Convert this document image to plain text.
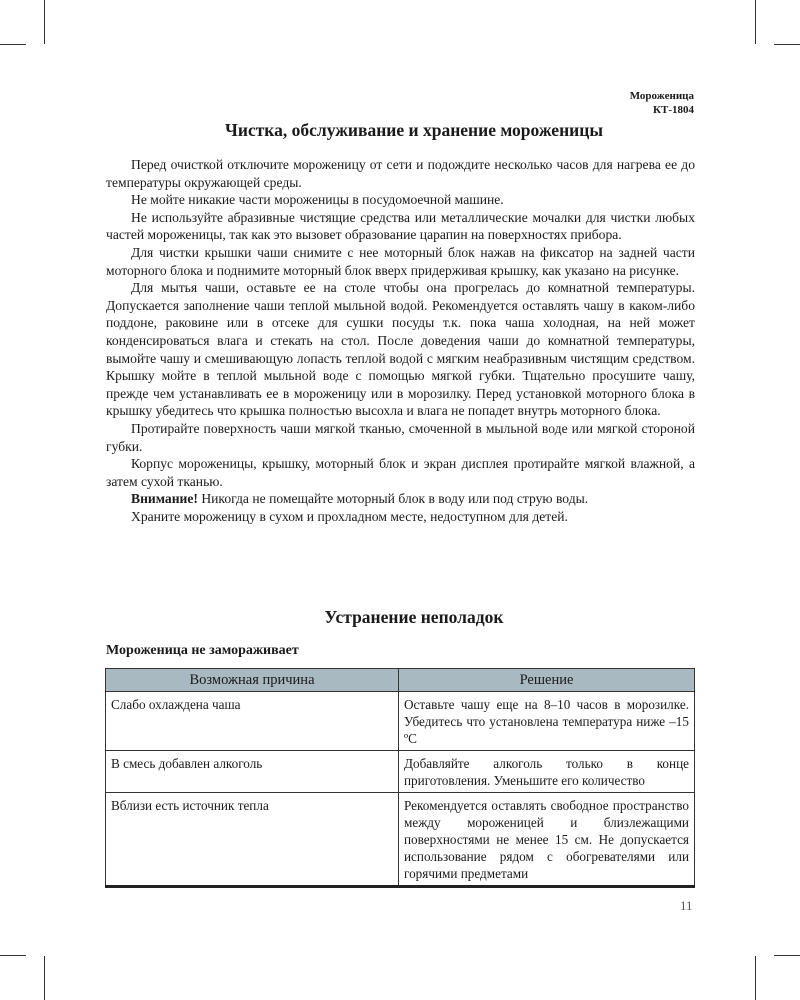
Мороженица
КТ-1804
Чистка, обслуживание и хранение мороженицы

Перед очисткой отключите мороженицу от сети и подождите несколько часов для нагрева ее до температуры окружающей среды.

Не мойте никакие части мороженицы в посудомоечной машине.

Не используйте абразивные чистящие средства или металлические мочалки для чистки любых частей мороженицы, так как это вызовет образование царапин на поверхностях прибора.

Для чистки крышки чаши снимите с нее моторный блок нажав на фиксатор на задней части моторного блока и поднимите моторный блок вверх придерживая крышку, как указано на рисунке.

Для мытья чаши, оставьте ее на столе чтобы она прогрелась до комнатной температуры. Допускается заполнение чаши теплой мыльной водой. Рекомендуется оставлять чашу в каком-либо поддоне, раковине или в отсеке для сушки посуды т.к. пока чаша холодная, на ней может конденсироваться влага и стекать на стол. После доведения чаши до комнатной температуры, вымойте чашу и смешивающую лопасть теплой водой с мягким неабразивным чистящим средством. Крышку мойте в теплой мыльной воде с помощью мягкой губки. Тщательно просушите чашу, прежде чем устанавливать ее в мороженицу или в морозилку. Перед установкой моторного блока в крышку убедитесь что крышка полностью высохла и влага не попадет внутрь моторного блока.

Протирайте поверхность чаши мягкой тканью, смоченной в мыльной воде или мягкой стороной губки.

Корпус мороженицы, крышку, моторный блок и экран дисплея протирайте мягкой влажной, а затем сухой тканью.

Внимание! Никогда не помещайте моторный блок в воду или под струю воды.

Храните мороженицу в сухом и прохладном месте, недоступном для детей.

Устранение неполадок
Мороженица не замораживает
Возможная причина	Решение
Слабо охлаждена чаша	Оставьте чашу еще на 8–10 часов в морозилке. Убедитесь что установлена температура ниже –15 ºС
В смесь добавлен алкоголь	Добавляйте алкоголь только в конце приготовления. Уменьшите его количество
Вблизи есть источник тепла	Рекомендуется оставлять свободное пространство между мороженицей и близлежащими поверхностями не менее 15 см. Не допускается использование рядом с обогревателями или горячими предметами
11
